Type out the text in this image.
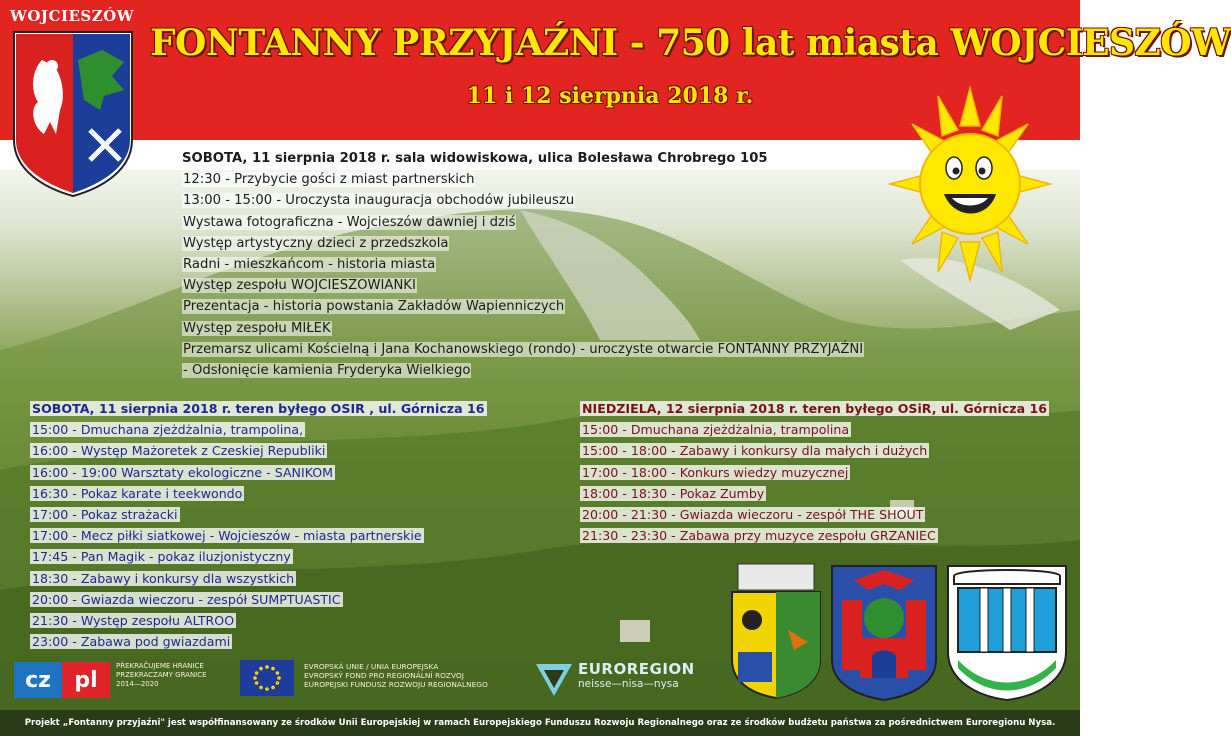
WOJCIESZÓW
FONTANNY PRZYJAŹNI - 750 lat miasta WOJCIESZÓW
11 i 12 sierpnia 2018 r.
SOBOTA, 11 sierpnia 2018 r. sala widowiskowa, ulica Bolesława Chrobrego 105
12:30 - Przybycie gości z miast partnerskich
13:00 - 15:00 - Uroczysta inauguracja obchodów jubileuszu
Wystawa fotograficzna - Wojcieszów dawniej i dziś
Występ artystyczny dzieci z przedszkola
Radni - mieszkańcom - historia miasta
Występ zespołu WOJCIESZOWIANKI
Prezentacja - historia powstania Zakładów Wapienniczych
Występ zespołu MIŁEK
Przemarsz ulicami Kościelną i Jana Kochanowskiego (rondo) - uroczyste otwarcie FONTANNY PRZYJAŹNI
- Odsłonięcie kamienia Fryderyka Wielkiego
SOBOTA, 11 sierpnia 2018 r. teren byłego OSIR , ul. Górnicza 16
15:00 - Dmuchana zjeżdżalnia, trampolina,
16:00 - Występ Mażoretek z Czeskiej Republiki
16:00 - 19:00 Warsztaty ekologiczne - SANIKOM
16:30 - Pokaz karate i teekwondo
17:00 - Pokaz strażacki
17:00 - Mecz piłki siatkowej - Wojcieszów - miasta partnerskie
17:45 - Pan Magik - pokaz iluzjonistyczny
18:30 - Zabawy i konkursy dla wszystkich
20:00 - Gwiazda wieczoru - zespół SUMPTUASTIC
21:30 - Występ zespołu ALTROO
23:00 - Zabawa pod gwiazdami
NIEDZIELA, 12 sierpnia 2018 r. teren byłego OSiR, ul. Górnicza 16
15:00 - Dmuchana zjeżdżalnia, trampolina
15:00 - 18:00 - Zabawy i konkursy dla małych i dużych
17:00 - 18:00 - Konkurs wiedzy muzycznej
18:00 - 18:30 - Pokaz Zumby
20:00 - 21:30 - Gwiazda wieczoru - zespół THE SHOUT
21:30 - 23:30 - Zabawa przy muzyce zespołu GRZANIEC
cz	pl
PŘEKRAČUJEME HRANICE
PRZEKRACZAMY GRANICE
2014—2020
EVROPSKÁ UNIE / UNIA EUROPEJSKA
EVROPSKÝ FOND PRO REGIONÁLNÍ ROZVOJ
EUROPEJSKI FUNDUSZ ROZWOJU REGIONALNEGO
EUROREGION
neisse—nisa—nysa
Projekt „Fontanny przyjaźni" jest współfinansowany ze środków Unii Europejskiej w ramach Europejskiego Funduszu Rozwoju Regionalnego oraz ze środków budżetu państwa za pośrednictwem Euroregionu Nysa.
